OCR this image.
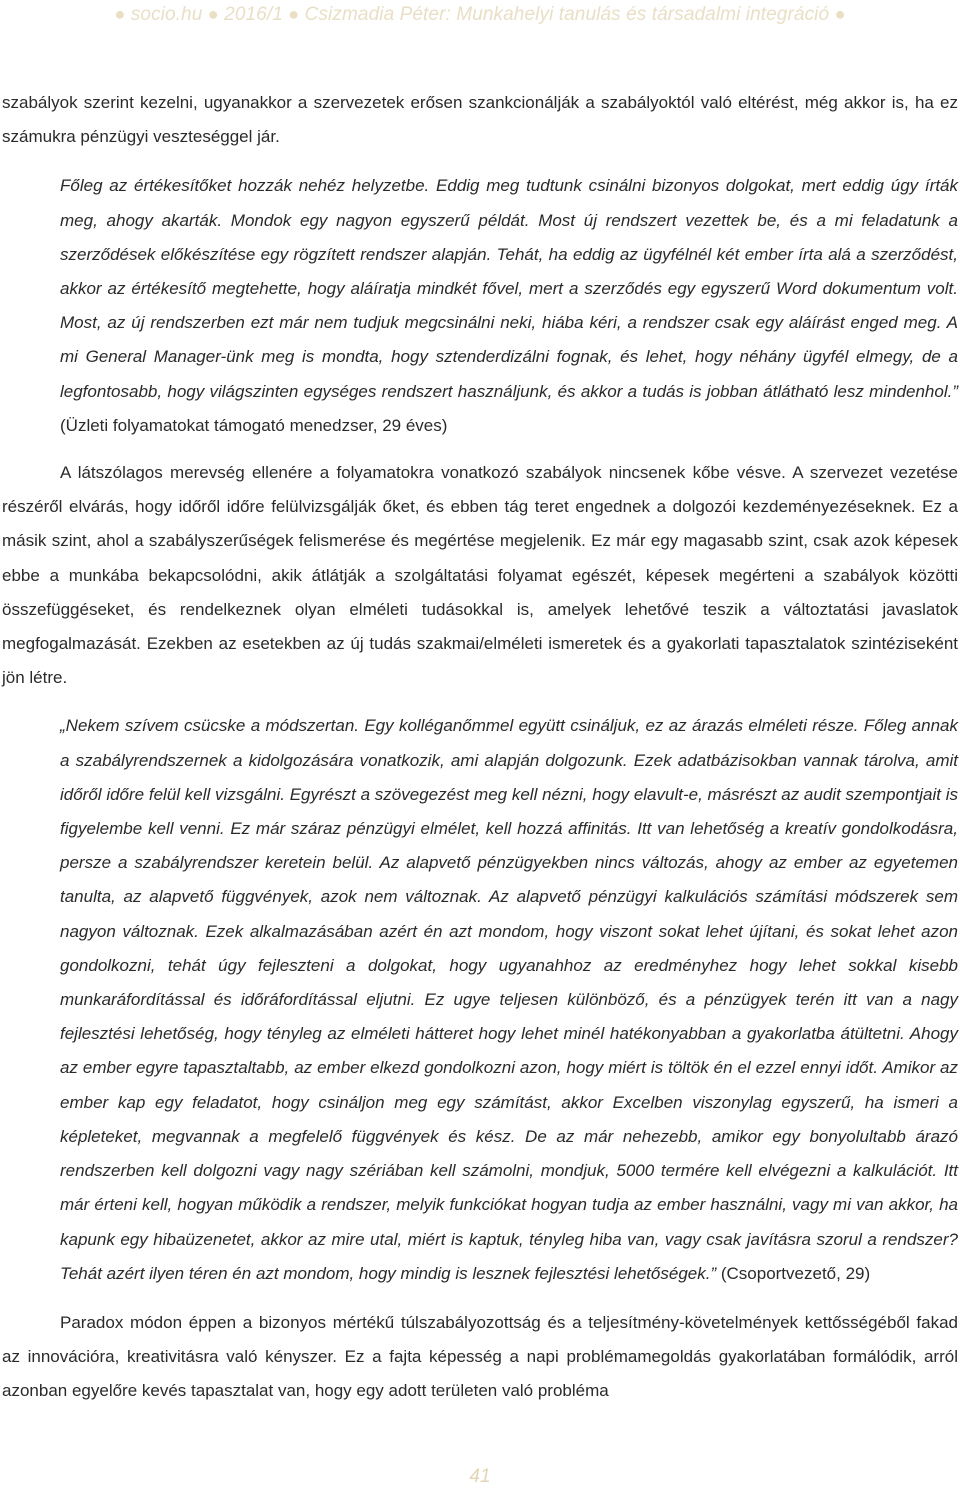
● socio.hu ● 2016/1 ● Csizmadia Péter: Munkahelyi tanulás és társadalmi integráció ●

szabályok szerint kezelni, ugyanakkor a szervezetek erősen szankcionálják a szabályoktól való eltérést, még akkor is, ha ez számukra pénzügyi veszteséggel jár.

Főleg az értékesítőket hozzák nehéz helyzetbe. Eddig meg tudtunk csinálni bizonyos dolgokat, mert eddig úgy írták meg, ahogy akarták. Mondok egy nagyon egyszerű példát. Most új rendszert vezettek be, és a mi feladatunk a szerződések előkészítése egy rögzített rendszer alapján. Tehát, ha eddig az ügyfélnél két ember írta alá a szerződést, akkor az értékesítő megtehette, hogy aláíratja mindkét fővel, mert a szerződés egy egyszerű Word dokumentum volt. Most, az új rendszerben ezt már nem tudjuk megcsinálni neki, hiába kéri, a rendszer csak egy aláírást enged meg. A mi General Manager-ünk meg is mondta, hogy sztenderdizálni fognak, és lehet, hogy néhány ügyfél elmegy, de a legfontosabb, hogy világszinten egységes rendszert használjunk, és akkor a tudás is jobban átlátható lesz mindenhol.” (Üzleti folyamatokat támogató menedzser, 29 éves)

A látszólagos merevség ellenére a folyamatokra vonatkozó szabályok nincsenek kőbe vésve. A szervezet vezetése részéről elvárás, hogy időről időre felülvizsgálják őket, és ebben tág teret engednek a dolgozói kezdeményezéseknek. Ez a másik szint, ahol a szabályszerűségek felismerése és megértése megjelenik. Ez már egy magasabb szint, csak azok képesek ebbe a munkába bekapcsolódni, akik átlátják a szolgáltatási folyamat egészét, képesek megérteni a szabályok közötti összefüggéseket, és rendelkeznek olyan elméleti tudásokkal is, amelyek lehetővé teszik a változtatási javaslatok megfogalmazását. Ezekben az esetekben az új tudás szakmai/elméleti ismeretek és a gyakorlati tapasztalatok szintéziseként jön létre.

„Nekem szívem csücske a módszertan. Egy kolléganőmmel együtt csináljuk, ez az árazás elméleti része. Főleg annak a szabályrendszernek a kidolgozására vonatkozik, ami alapján dolgozunk. Ezek adatbázisokban vannak tárolva, amit időről időre felül kell vizsgálni. Egyrészt a szövegezést meg kell nézni, hogy elavult-e, másrészt az audit szempontjait is figyelembe kell venni. Ez már száraz pénzügyi elmélet, kell hozzá affinitás. Itt van lehetőség a kreatív gondolkodásra, persze a szabályrendszer keretein belül. Az alapvető pénzügyekben nincs változás, ahogy az ember az egyetemen tanulta, az alapvető függvények, azok nem változnak. Az alapvető pénzügyi kalkulációs számítási módszerek sem nagyon változnak. Ezek alkalmazásában azért én azt mondom, hogy viszont sokat lehet újítani, és sokat lehet azon gondolkozni, tehát úgy fejleszteni a dolgokat, hogy ugyanahhoz az eredményhez hogy lehet sokkal kisebb munkaráfordítással és időráfordítással eljutni. Ez ugye teljesen különböző, és a pénzügyek terén itt van a nagy fejlesztési lehetőség, hogy tényleg az elméleti hátteret hogy lehet minél hatékonyabban a gyakorlatba átültetni. Ahogy az ember egyre tapasztaltabb, az ember elkezd gondolkozni azon, hogy miért is töltök én el ezzel ennyi időt. Amikor az ember kap egy feladatot, hogy csináljon meg egy számítást, akkor Excelben viszonylag egyszerű, ha ismeri a képleteket, megvannak a megfelelő függvények és kész. De az már nehezebb, amikor egy bonyolultabb árazó rendszerben kell dolgozni vagy nagy szériában kell számolni, mondjuk, 5000 termére kell elvégezni a kalkulációt. Itt már érteni kell, hogyan működik a rendszer, melyik funkciókat hogyan tudja az ember használni, vagy mi van akkor, ha kapunk egy hibaüzenetet, akkor az mire utal, miért is kaptuk, tényleg hiba van, vagy csak javításra szorul a rendszer? Tehát azért ilyen téren én azt mondom, hogy mindig is lesznek fejlesztési lehetőségek.” (Csoportvezető, 29)

Paradox módon éppen a bizonyos mértékű túlszabályozottság és a teljesítmény-követelmények kettősségéből fakad az innovációra, kreativitásra való kényszer. Ez a fajta képesség a napi problémamegoldás gyakorlatában formálódik, arról azonban egyelőre kevés tapasztalat van, hogy egy adott területen való probléma

41
